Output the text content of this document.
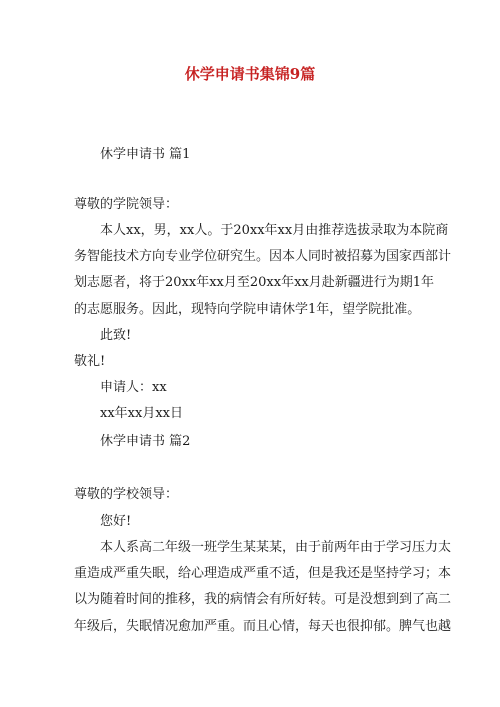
休学申请书集锦9篇
休学申请书 篇1
尊敬的学院领导：
本人xx，男，xx人。于20xx年xx月由推荐选拔录取为本院商
务智能技术方向专业学位研究生。因本人同时被招募为国家西部计
划志愿者，将于20xx年xx月至20xx年xx月赴新疆进行为期1年
的志愿服务。因此，现特向学院申请休学1年，望学院批准。
此致!
敬礼!
申请人：xx
xx年xx月xx日
休学申请书 篇2
尊敬的学校领导：
您好!
本人系高二年级一班学生某某某，由于前两年由于学习压力太
重造成严重失眠，给心理造成严重不适，但是我还是坚持学习；本
以为随着时间的推移，我的病情会有所好转。可是没想到到了高二
年级后，失眠情况愈加严重。而且心情，每天也很抑郁。脾气也越
